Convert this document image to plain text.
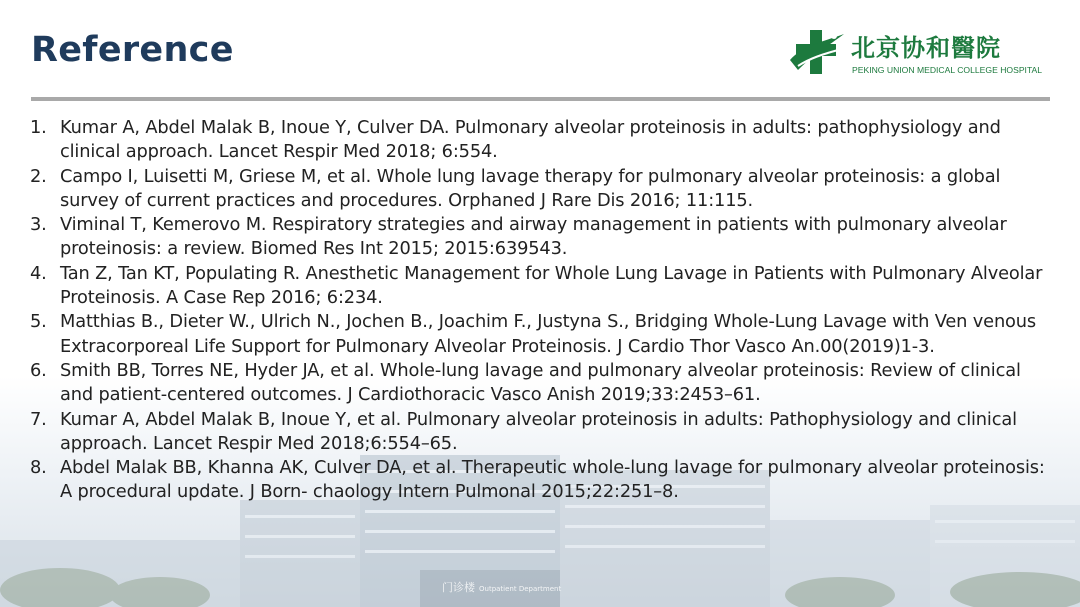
Reference	北京协和醫院
PEKING UNION MEDICAL COLLEGE HOSPITAL
1. Kumar A, Abdel Malak B, Inoue Y, Culver DA. Pulmonary alveolar proteinosis in adults: pathophysiology and clinical approach. Lancet Respir Med 2018; 6:554.
2. Campo I, Luisetti M, Griese M, et al. Whole lung lavage therapy for pulmonary alveolar proteinosis: a global survey of current practices and procedures. Orphaned J Rare Dis 2016; 11:115.
3. Viminal T, Kemerovo M. Respiratory strategies and airway management in patients with pulmonary alveolar proteinosis: a review. Biomed Res Int 2015; 2015:639543.
4. Tan Z, Tan KT, Populating R. Anesthetic Management for Whole Lung Lavage in Patients with Pulmonary Alveolar Proteinosis. A Case Rep 2016; 6:234.
5. Matthias B., Dieter W., Ulrich N., Jochen B., Joachim F., Justyna S., Bridging Whole-Lung Lavage with Ven venous Extracorporeal Life Support for Pulmonary Alveolar Proteinosis. J Cardio Thor Vasco An.00(2019)1-3.
6. Smith BB, Torres NE, Hyder JA, et al. Whole-lung lavage and pulmonary alveolar proteinosis: Review of clinical and patient-centered outcomes. J Cardiothoracic Vasco Anish 2019;33:2453–61.
7. Kumar A, Abdel Malak B, Inoue Y, et al. Pulmonary alveolar proteinosis in adults: Pathophysiology and clinical approach. Lancet Respir Med 2018;6:554–65.
8. Abdel Malak BB, Khanna AK, Culver DA, et al. Therapeutic whole-lung lavage for pulmonary alveolar proteinosis: A procedural update. J Born- chaology Intern Pulmonal 2015;22:251–8.
门诊楼 Outpatient Department
